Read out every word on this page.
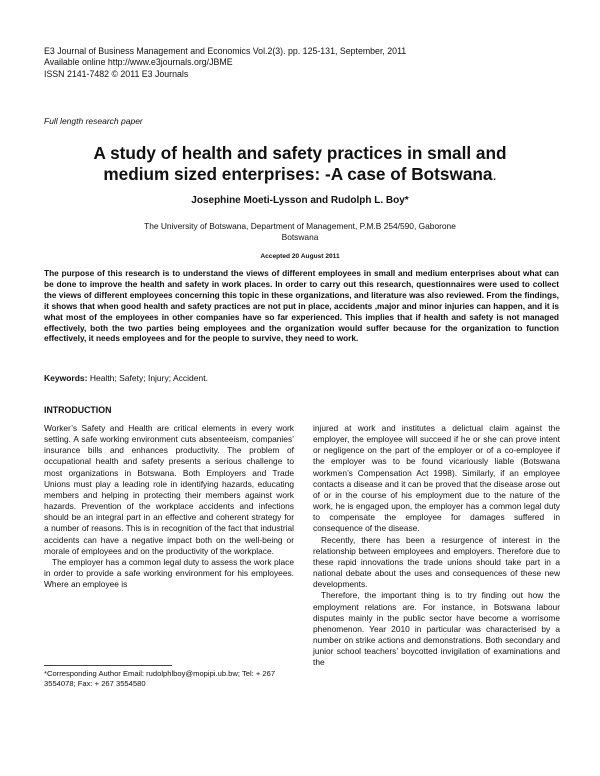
E3 Journal of Business Management and Economics Vol.2(3). pp. 125-131, September, 2011
Available online http://www.e3journals.org/JBME
ISSN 2141-7482 © 2011 E3 Journals
Full length research paper
A study of health and safety practices in small and
medium sized enterprises: -A case of Botswana.
Josephine Moeti-Lysson and Rudolph L. Boy*
The University of Botswana, Department of Management, P.M.B 254/590, Gaborone
Botswana
Accepted 20 August 2011

The purpose of this research is to understand the views of different employees in small and medium enterprises about what can be done to improve the health and safety in work places. In order to carry out this research, questionnaires were used to collect the views of different employees concerning this topic in these organizations, and literature was also reviewed. From the findings, it shows that when good health and safety practices are not put in place, accidents ,major and minor injuries can happen, and it is what most of the employees in other companies have so far experienced. This implies that if health and safety is not managed effectively, both the two parties being employees and the organization would suffer because for the organization to function effectively, it needs employees and for the people to survive, they need to work.

Keywords: Health; Safety; Injury; Accident.
INTRODUCTION

Worker’s Safety and Health are critical elements in every work setting. A safe working environment cuts absenteeism, companies’ insurance bills and enhances productivity. The problem of occupational health and safety presents a serious challenge to most organizations in Botswana. Both Employers and Trade Unions must play a leading role in identifying hazards, educating members and helping in protecting their members against work hazards. Prevention of the workplace accidents and infections should be an integral part in an effective and coherent strategy for a number of reasons. This is in recognition of the fact that industrial accidents can have a negative impact both on the well-being or morale of employees and on the productivity of the workplace.

The employer has a common legal duty to assess the work place in order to provide a safe working environment for his employees. Where an employee is

injured at work and institutes a delictual claim against the employer, the employee will succeed if he or she can prove intent or negligence on the part of the employer or of a co-employee if the employer was to be found vicariously liable (Botswana workmen’s Compensation Act 1998). Similarly, if an employee contacts a disease and it can be proved that the disease arose out of or in the course of his employment due to the nature of the work, he is engaged upon, the employer has a common legal duty to compensate the employee for damages suffered in consequence of the disease.

Recently, there has been a resurgence of interest in the relationship between employees and employers. Therefore due to these rapid innovations the trade unions should take part in a national debate about the uses and consequences of these new developments.

Therefore, the important thing is to try finding out how the employment relations are. For instance, in Botswana labour disputes mainly in the public sector have become a worrisome phenomenon. Year 2010 in particular was characterised by a number on strike actions and demonstrations. Both secondary and junior school teachers’ boycotted invigilation of examinations and the

*Corresponding Author Email: rudolphlboy@mopipi.ub.bw; Tel: + 267 3554078; Fax: + 267 3554580
